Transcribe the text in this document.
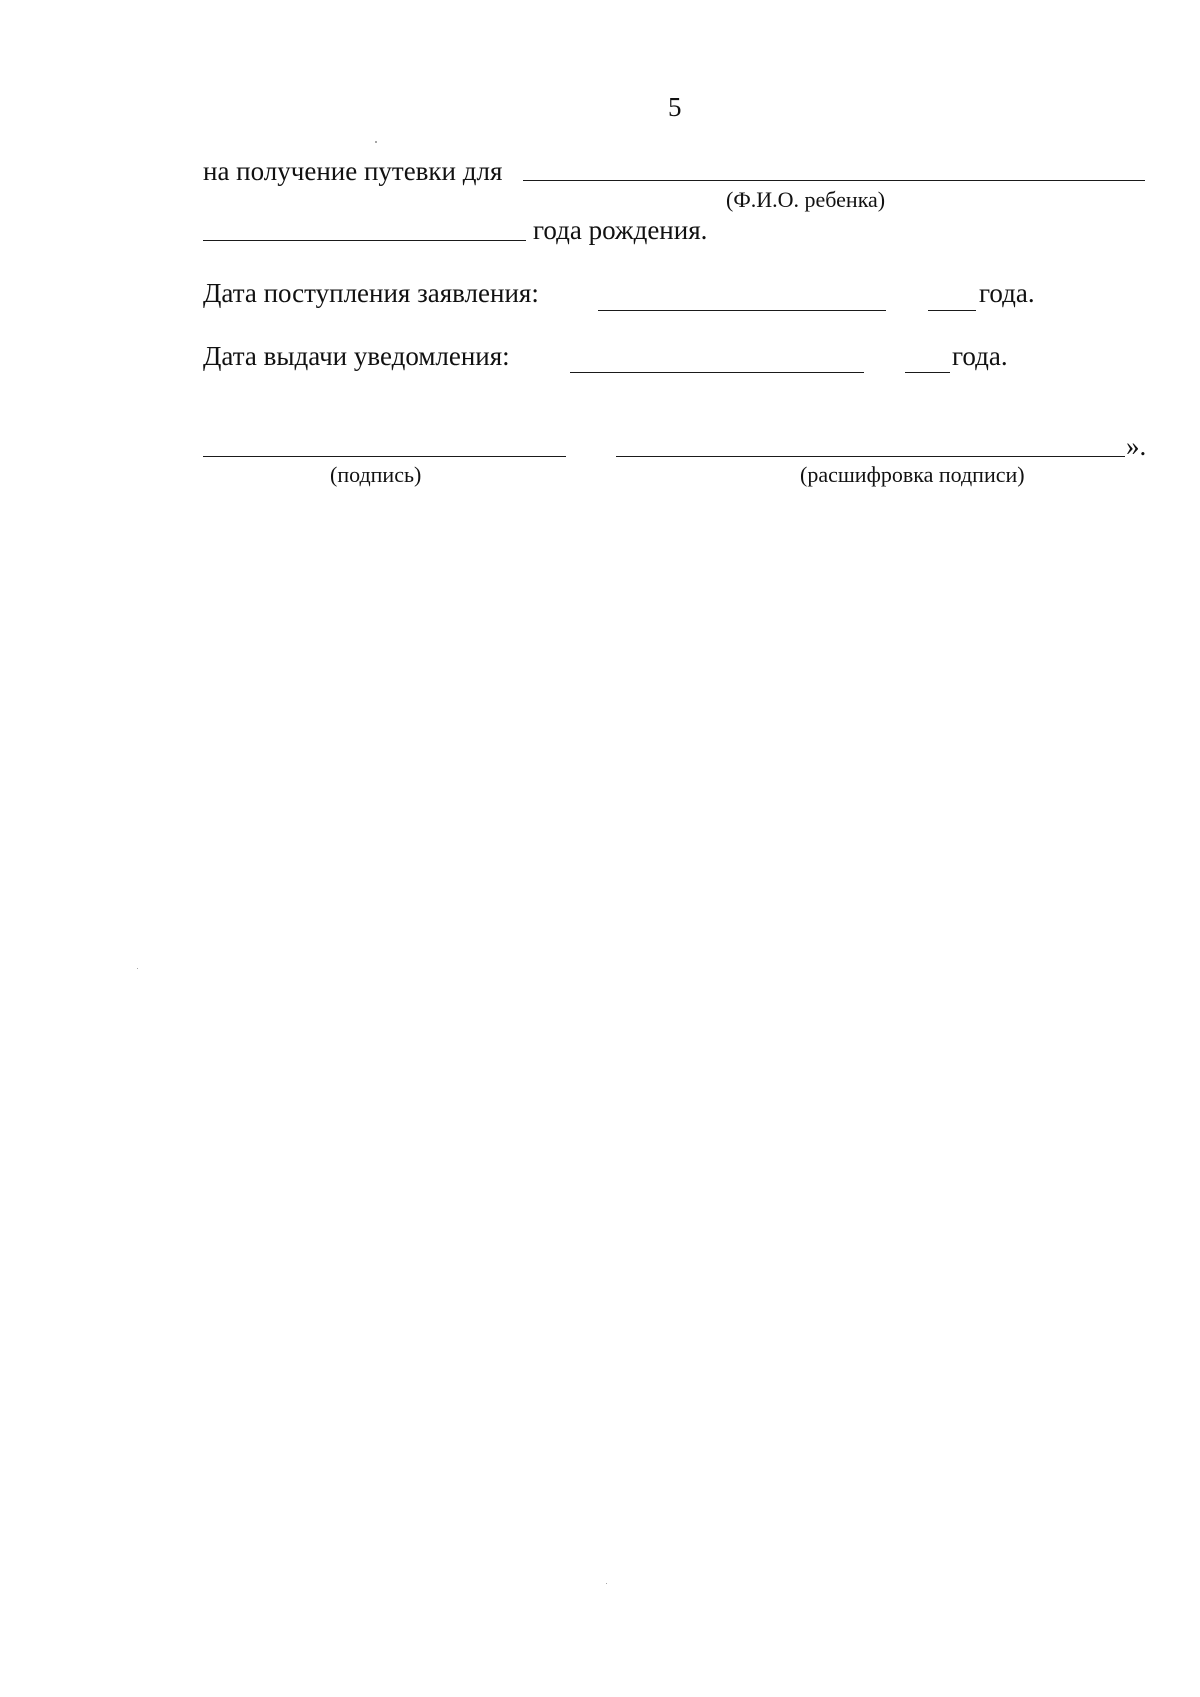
5
на получение путевки для
(Ф.И.О. ребенка)
года рождения.
Дата поступления заявления:	года.
Дата выдачи уведомления:	года.
».
(подпись)	(расшифровка подписи)
